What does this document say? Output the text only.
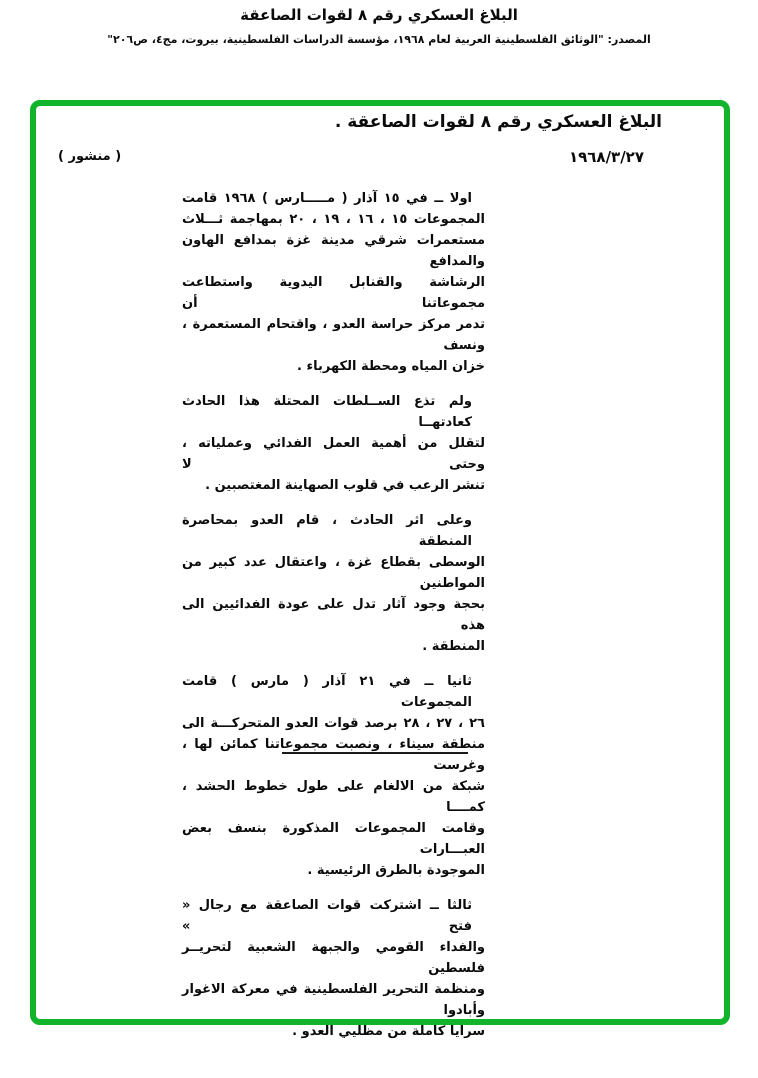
البلاغ العسكري رقم ٨ لقوات الصاعقة
المصدر: "الوثائق الفلسطينية العربية لعام ١٩٦٨، مؤسسة الدراسات الفلسطينية، بيروت، مج٤، ص٢٠٦"
البلاغ العسكري رقم ٨ لقوات الصاعقة .
١٩٦٨/٣/٢٧
( منشور )
اولا ــ في ١٥ آذار ( مـــــارس ) ١٩٦٨ قامت
المجموعات ١٥ ، ١٦ ، ١٩ ، ٢٠ بمهاجمة ثـــلاث
مستعمرات شرقي مدينة غزة بمدافع الهاون والمدافع
الرشاشة والقنابل اليدوية واستطاعت مجموعاتنا أن
تدمر مركز حراسة العدو ، واقتحام المستعمرة ، ونسف
خزان المياه ومحطة الكهرباء .
ولم تذع الســلطات المحتلة هذا الحادث كعادتهــا
لتقلل من أهمية العمل الفدائي وعملياته ، وحتى لا
تنشر الرعب في قلوب الصهاينة المغتصبين .
وعلى اثر الحادث ، قام العدو بمحاصرة المنطقة
الوسطى بقطاع غزة ، واعتقال عدد كبير من المواطنين
بحجة وجود آثار تدل على عودة الفدائيين الى هذه
المنطقة .
ثانيا ــ في ٢١ آذار ( مارس ) قامت المجموعات
٢٦ ، ٢٧ ، ٢٨ برصد قوات العدو المتحركـــة الى
منطقة سيناء ، ونصبت مجموعاتنا كمائن لها ، وغرست
شبكة من الالغام على طول خطوط الحشد ، كمــــا
وقامت المجموعات المذكورة بنسف بعض العبـــارات
الموجودة بالطرق الرئيسية .
ثالثا ــ اشتركت قوات الصاعقة مع رجال « فتح »
والفداء القومي والجبهة الشعبية لتحريــر فلسطين
ومنظمة التحرير الفلسطينية في معركة الاغوار وأبادوا
سرايا كاملة من مظليي العدو .
